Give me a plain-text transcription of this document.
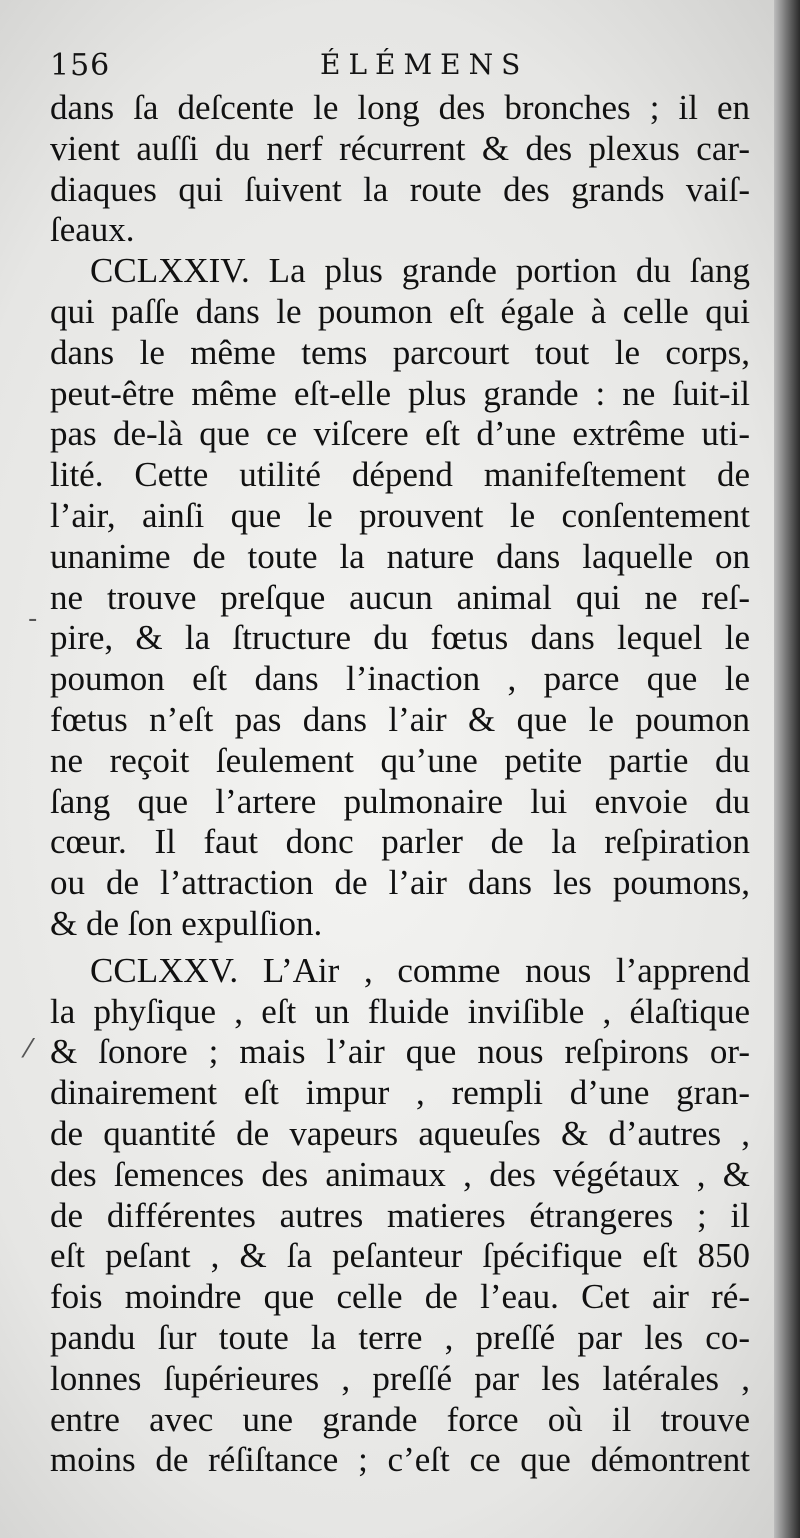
156	ÉLÉMENS
-
⁄
dans ſa deſcente le long des bronches ; il en
vient auſſi du nerf récurrent & des plexus car-
diaques qui ſuivent la route des grands vaiſ-
ſeaux.
CCLXXIV. La plus grande portion du ſang
qui paſſe dans le poumon eſt égale à celle qui
dans le même tems parcourt tout le corps,
peut-être même eſt-elle plus grande : ne ſuit-il
pas de-là que ce viſcere eſt d’une extrême uti-
lité. Cette utilité dépend manifeſtement de
l’air, ainſi que le prouvent le conſentement
unanime de toute la nature dans laquelle on
ne trouve preſque aucun animal qui ne reſ-
pire, & la ſtructure du fœtus dans lequel le
poumon eſt dans l’inaction , parce que le
fœtus n’eſt pas dans l’air & que le poumon
ne reçoit ſeulement qu’une petite partie du
ſang que l’artere pulmonaire lui envoie du
cœur. Il faut donc parler de la reſpiration
ou de l’attraction de l’air dans les poumons,
& de ſon expulſion.
CCLXXV. L’Air , comme nous l’apprend
la phyſique , eſt un fluide inviſible , élaſtique
& ſonore ; mais l’air que nous reſpirons or-
dinairement eſt impur , rempli d’une gran-
de quantité de vapeurs aqueuſes & d’autres ,
des ſemences des animaux , des végétaux , &
de différentes autres matieres étrangeres ; il
eſt peſant , & ſa peſanteur ſpécifique eſt 850
fois moindre que celle de l’eau. Cet air ré-
pandu ſur toute la terre , preſſé par les co-
lonnes ſupérieures , preſſé par les latérales ,
entre avec une grande force où il trouve
moins de réſiſtance ; c’eſt ce que démontrent
